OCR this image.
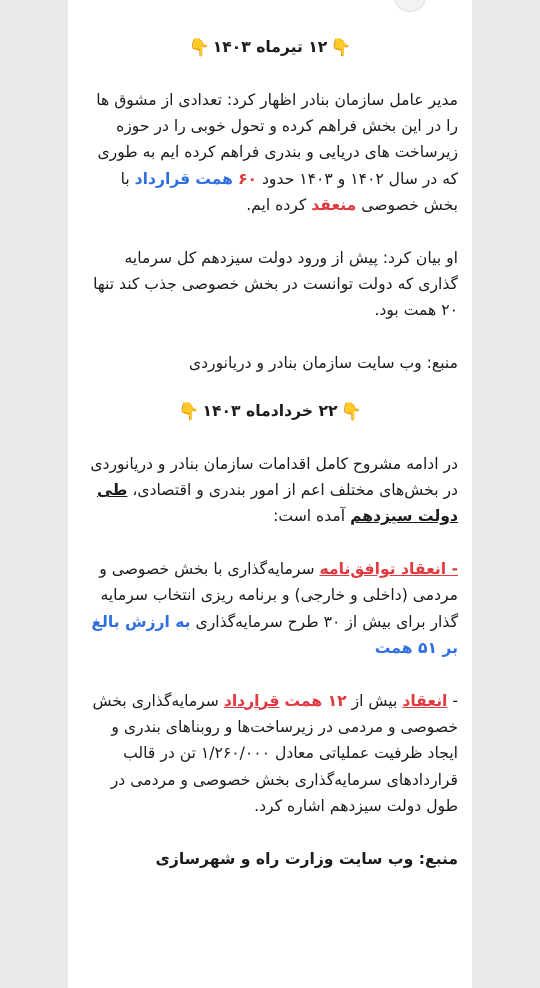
👇۱۲ تیرماه ۱۴۰۳👇

مدیر عامل سازمان بنادر اظهار کرد: تعدادی از مشوق ها را در این بخش فراهم کرده و تحول خوبی را در حوزه زیرساخت های دریایی و بندری فراهم کرده ایم به طوری که در سال ۱۴۰۲ و ۱۴۰۳ حدود ۶۰ همت قرارداد با بخش خصوصی منعقد کرده ایم.

او بیان کرد: پیش از ورود دولت سیزدهم کل سرمایه گذاری که دولت توانست در بخش خصوصی جذب کند تنها ۲۰ همت بود.

منبع: وب سایت سازمان بنادر و دریانوردی

👇۲۲ خردادماه ۱۴۰۳👇

در ادامه مشروح کامل اقدامات سازمان بنادر و دریانوردی در بخش‌های مختلف اعم از امور بندری و اقتصادی، طی دولت سیزدهم آمده است:

- انعقاد توافق‌نامه سرمایه‌گذاری با بخش خصوصی و مردمی (داخلی و خارجی) و برنامه ریزی انتخاب سرمایه گذار برای بیش از ۳۰ طرح سرمایه‌گذاری به ارزش بالغ بر ۵۱ همت

- انعقاد بیش از ۱۲ همت قرارداد سرمایه‌گذاری بخش خصوصی و مردمی در زیرساخت‌ها و روبناهای بندری و ایجاد ظرفیت عملیاتی معادل ۱/۲۶۰/۰۰۰ تن در قالب قراردادهای سرمایه‌گذاری بخش خصوصی و مردمی در طول دولت سیزدهم اشاره کرد.

منبع: وب سایت وزارت راه و شهرسازی
